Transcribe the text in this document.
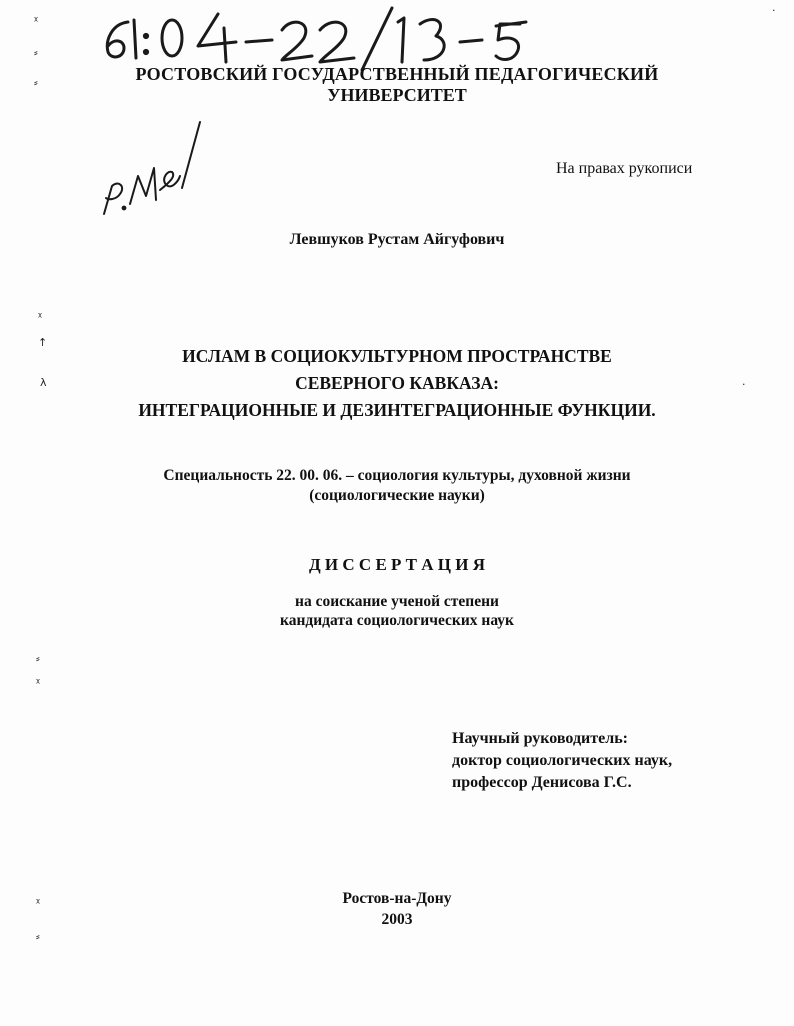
ᵡ
⸗
⸗
ᵡ
↑
λ
⸗
ᵡ
ᵡ
⸗
·
·
РОСТОВСКИЙ ГОСУДАРСТВЕННЫЙ ПЕДАГОГИЧЕСКИЙ
УНИВЕРСИТЕТ
На правах рукописи
Левшуков Рустам Айгуфович
ИСЛАМ В СОЦИОКУЛЬТУРНОМ ПРОСТРАНСТВЕ
СЕВЕРНОГО КАВКАЗА:
ИНТЕГРАЦИОННЫЕ И ДЕЗИНТЕГРАЦИОННЫЕ ФУНКЦИИ.
Специальность 22. 00. 06. – социология культуры, духовной жизни
(социологические науки)
Д И С С Е Р Т А Ц И Я
на соискание ученой степени
кандидата социологических наук
Научный руководитель:
доктор социологических наук,
профессор Денисова Г.С.
Ростов-на-Дону
2003
